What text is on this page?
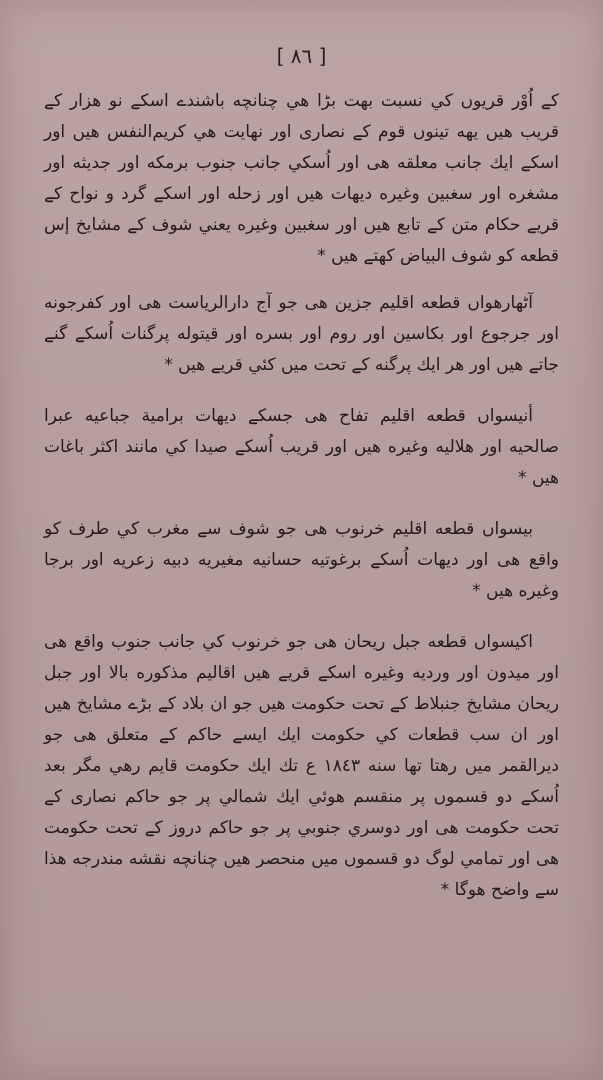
[ ٨٦ ]

كے اُوْر قريوں كي نسبت بهت بڑا هي چنانچه باشندے اسكے نو هزار كے قريب هيں يهه تينوں قوم كے نصارى اور نهايت هي كريم‌النفس هيں اور اسكے ايك جانب معلقه هى اور اُسكي جانب جنوب برمكه اور جديثه اور مشغره اور سغبين وغيره ديهات هيں اور زحله اور اسكے گرد و نواح كے قريے حكام متن كے تابع هيں اور سغبين وغيره يعني شوف كے مشايخ إس قطعه كو شوف البياض كهتے هيں *

آٹهارهواں قطعه اقليم جزين هى جو آج دارالرياست هى اور كفرجونه اور جرجوع اور بكاسين اور روم اور بسره اور قيتوله پرگنات اُسكے گنے جاتے هيں اور هر ايك پرگنه كے تحت ميں كئي قريے هيں *

أنيسواں قطعه اقليم تفاح هى جسكے ديهات برامية جباعيه عبرا صالحيه اور هلاليه وغيره هيں اور قريب اُسكے صيدا كي مانند اكثر باغات هيں *

بيسواں قطعه اقليم خرنوب هى جو شوف سے مغرب كي طرف كو واقع هى اور ديهات اُسكے برغوتيه حسانيه مغيريه دبيه زعريه اور برجا وغيره هيں *

اكيسواں قطعه جبل ريحان هى جو خرنوب كي جانب جنوب واقع هى اور ميدون اور ورديه وغيره اسكے قريے هيں اقاليم مذكوره بالا اور جبل ريحان مشايخ جنبلاط كے تحت حكومت هيں جو ان بلاد كے بڑے مشايخ هيں اور ان سب قطعات كي حكومت ايك ايسے حاكم كے متعلق هى جو ديرالقمر ميں رهتا تها سنه ١٨٤٣ ع تك ايك حكومت قايم رهي مگر بعد اُسكے دو قسموں پر منقسم هوئي ايك شمالي پر جو حاكم نصارى كے تحت حكومت هى اور دوسري جنوبي پر جو حاكم دروز كے تحت حكومت هى اور تمامي لوگ دو قسموں ميں منحصر هيں چنانچه نقشه مندرجه هذا سے واضح هوگا *
